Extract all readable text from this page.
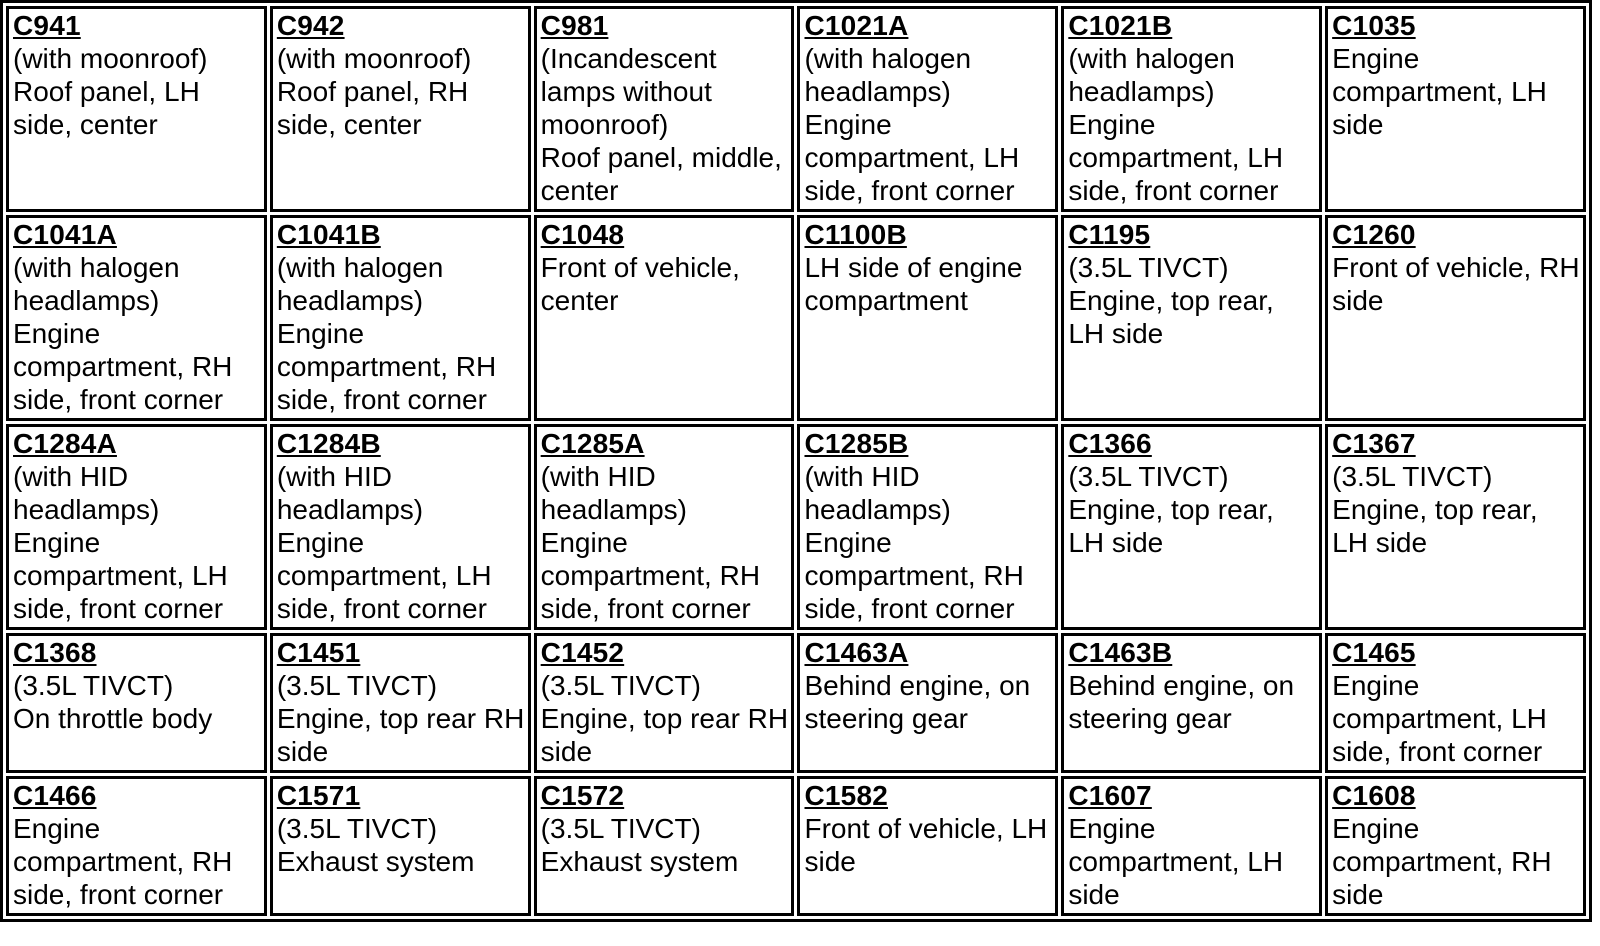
C941
(with moonroof)
Roof panel, LH side, center	C942
(with moonroof)
Roof panel, RH side, center	C981
(Incandescent lamps without moonroof)
Roof panel, middle, center	C1021A
(with halogen headlamps)
Engine compartment, LH side, front corner	C1021B
(with halogen headlamps)
Engine compartment, LH side, front corner	C1035
Engine compartment, LH side

C1041A
(with halogen headlamps)
Engine compartment, RH side, front corner	C1041B
(with halogen headlamps)
Engine compartment, RH side, front corner	C1048
Front of vehicle, center	C1100B
LH side of engine compartment	C1195
(3.5L TIVCT)
Engine, top rear, LH side	C1260
Front of vehicle, RH side

C1284A
(with HID headlamps)
Engine compartment, LH side, front corner	C1284B
(with HID headlamps)
Engine compartment, LH side, front corner	C1285A
(with HID headlamps)
Engine compartment, RH side, front corner	C1285B
(with HID headlamps)
Engine compartment, RH side, front corner	C1366
(3.5L TIVCT)
Engine, top rear, LH side	C1367
(3.5L TIVCT)
Engine, top rear, LH side

C1368
(3.5L TIVCT)
On throttle body	C1451
(3.5L TIVCT)
Engine, top rear RH side	C1452
(3.5L TIVCT)
Engine, top rear RH side	C1463A
Behind engine, on steering gear	C1463B
Behind engine, on steering gear	C1465
Engine compartment, LH side, front corner

C1466
Engine compartment, RH side, front corner	C1571
(3.5L TIVCT)
Exhaust system	C1572
(3.5L TIVCT)
Exhaust system	C1582
Front of vehicle, LH side	C1607
Engine compartment, LH side	C1608
Engine compartment, RH side
